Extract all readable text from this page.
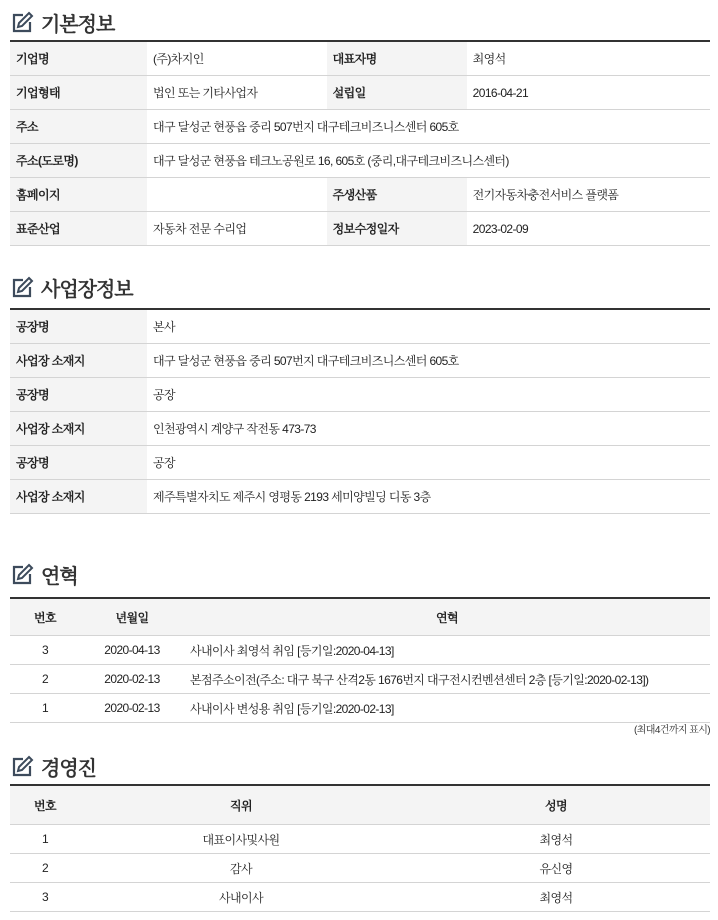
기본정보
기업명	(주)차지인	대표자명	최영석
기업형태	법인 또는 기타사업자	설립일	2016-04-21
주소	대구 달성군 현풍읍 중리 507번지 대구테크비즈니스센터 605호		
주소(도로명)	대구 달성군 현풍읍 테크노공원로 16, 605호 (중리,대구테크비즈니스센터)		
홈페이지		주생산품	전기자동차충전서비스 플랫폼
표준산업	자동차 전문 수리업	정보수정일자	2023-02-09
사업장정보
공장명	본사
사업장 소재지	대구 달성군 현풍읍 중리 507번지 대구테크비즈니스센터 605호
공장명	공장
사업장 소재지	인천광역시 계양구 작전동 473-73
공장명	공장
사업장 소재지	제주특별자치도 제주시 영평동 2193 세미양빌딩 디동 3층
연혁
번호	년월일	연혁
3	2020-04-13	사내이사 최영석 취임 [등기일:2020-04-13]
2	2020-02-13	본점주소이전(주소: 대구 북구 산격2동 1676번지 대구전시컨벤션센터 2층 [등기일:2020-02-13])
1	2020-02-13	사내이사 변성용 취임 [등기일:2020-02-13]
(최대4건까지 표시)
경영진
번호	직위	성명
1	대표이사및사원	최영석
2	감사	유신영
3	사내이사	최영석
